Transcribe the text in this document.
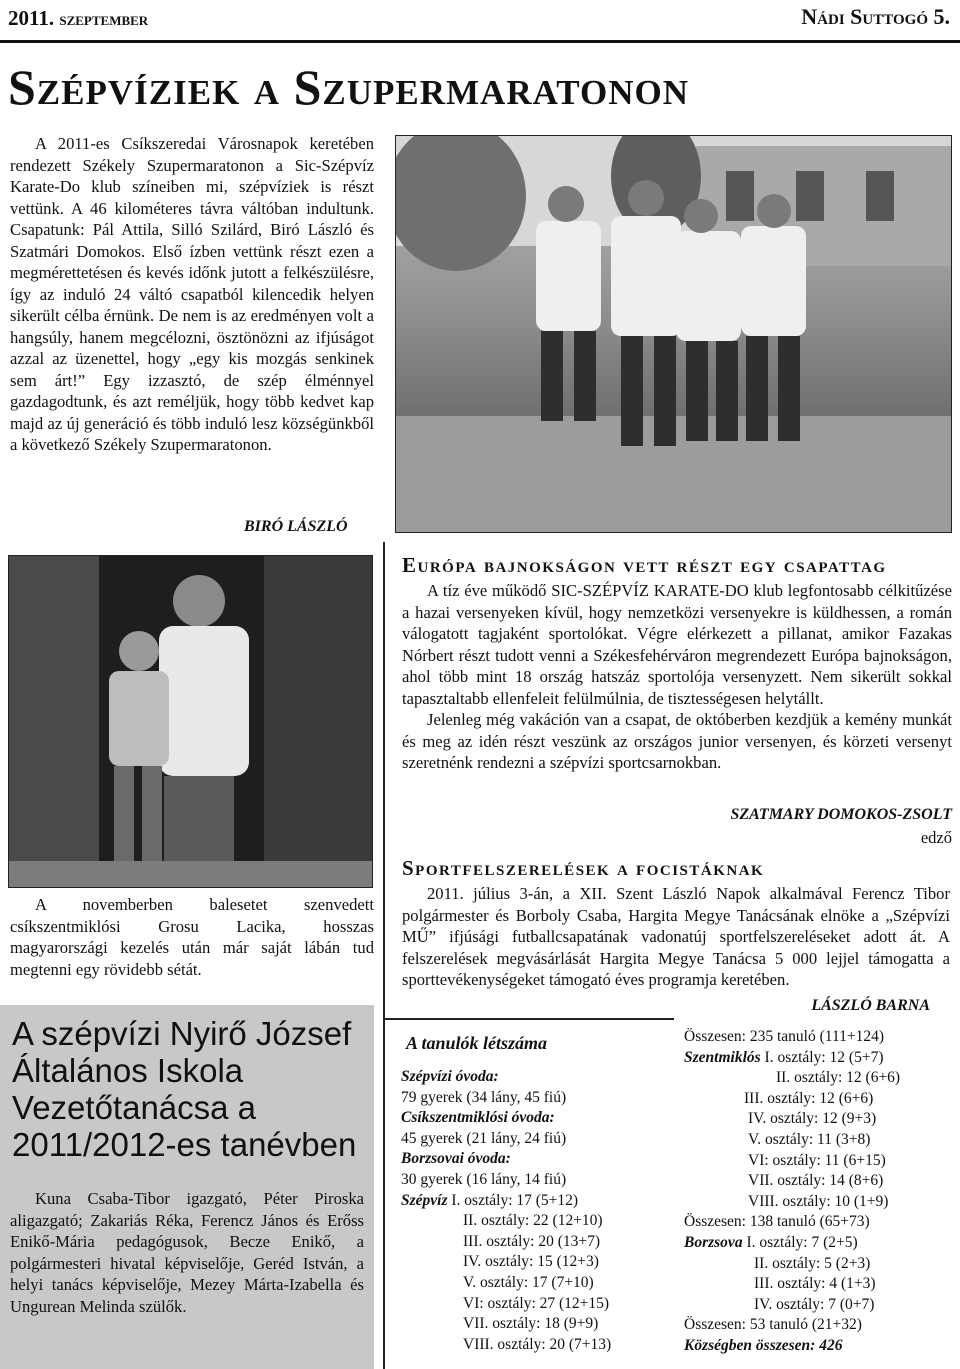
2011. szeptember	Nádi Suttogó 5.
Szépvíziek a Szupermaratonon

A 2011-es Csíkszeredai Városnapok keretében rendezett Székely Szupermaratonon a Sic-Szépvíz Karate-Do klub színeiben mi, szépvíziek is részt vettünk. A 46 kilométeres távra váltóban indultunk. Csapatunk: Pál Attila, Silló Szilárd, Biró László és Szatmári Domokos. Első ízben vettünk részt ezen a megmérettetésen és kevés időnk jutott a felkészülésre, így az induló 24 váltó csapatból kilencedik helyen sikerült célba érnünk. De nem is az eredményen volt a hangsúly, hanem megcélozni, ösztönözni az ifjúságot azzal az üzenettel, hogy „egy kis mozgás senkinek sem árt!” Egy izzasztó, de szép élménnyel gazdagodtunk, és azt reméljük, hogy több kedvet kap majd az új generáció és több induló lesz községünkből a következő Székely Szupermaratonon.

BIRÓ LÁSZLÓ

A novemberben balesetet szenvedett csíkszentmiklósi Grosu Lacika, hosszas magyarországi kezelés után már saját lábán tud megtenni egy rövidebb sétát.

A szépvízi Nyirő József Általános Iskola Vezetőtanácsa a 2011/2012-es tanévben

Kuna Csaba-Tibor igazgató, Péter Piroska aligazgató; Zakariás Réka, Ferencz János és Erőss Enikő-Mária pedagógusok, Becze Enikő, a polgármesteri hivatal képviselője, Geréd István, a helyi tanács képviselője, Mezey Márta-Izabella és Ungurean Melinda szülők.

Európa bajnokságon vett részt egy csapattag

A tíz éve működő SIC-SZÉPVÍZ KARATE-DO klub legfontosabb célkitűzése a hazai versenyeken kívül, hogy nemzetközi versenyekre is küldhessen, a román válogatott tagjaként sportolókat. Végre elérkezett a pillanat, amikor Fazakas Nórbert részt tudott venni a Székesfehérváron megrendezett Európa bajnokságon, ahol több mint 18 ország hatszáz sportolója versenyzett. Nem sikerült sokkal tapasztaltabb ellenfeleit felülmúlnia, de tisztességesen helytállt.

Jelenleg még vakáción van a csapat, de októberben kezdjük a kemény munkát és meg az idén részt veszünk az országos junior versenyen, és körzeti versenyt szeretnénk rendezni a szépvízi sportcsarnokban.

SZATMARY DOMOKOS-ZSOLT
edző
Sportfelszerelések a focistáknak

2011. július 3-án, a XII. Szent László Napok alkalmával Ferencz Tibor polgármester és Borboly Csaba, Hargita Megye Tanácsának elnöke a „Szépvízi MŰ” ifjúsági futballcsapatának vadonatúj sportfelszereléseket adott át. A felszerelések megvásárlását Hargita Megye Tanácsa 5 000 lejjel támogatta a sporttevékenységeket támogató éves programja keretében.

LÁSZLÓ BARNA
A tanulók létszáma
Szépvízi óvoda:
79 gyerek (34 lány, 45 fiú)
Csíkszentmiklósi óvoda:
45 gyerek (21 lány, 24 fiú)
Borzsovai óvoda:
30 gyerek (16 lány, 14 fiú)
Szépvíz I. osztály: 17 (5+12)
II. osztály: 22 (12+10)
III. osztály: 20 (13+7)
IV. osztály: 15 (12+3)
V. osztály: 17 (7+10)
VI: osztály: 27 (12+15)
VII. osztály: 18 (9+9)
VIII. osztály: 20 (7+13)
Összesen: 235 tanuló (111+124)
Szentmiklós I. osztály: 12 (5+7)
II. osztály: 12 (6+6)
III. osztály: 12 (6+6)
IV. osztály: 12 (9+3)
V. osztály: 11 (3+8)
VI: osztály: 11 (6+15)
VII. osztály: 14 (8+6)
VIII. osztály: 10 (1+9)
Összesen: 138 tanuló (65+73)
Borzsova I. osztály: 7 (2+5)
II. osztály: 5 (2+3)
III. osztály: 4 (1+3)
IV. osztály: 7 (0+7)
Összesen: 53 tanuló (21+32)
Községben összesen: 426
